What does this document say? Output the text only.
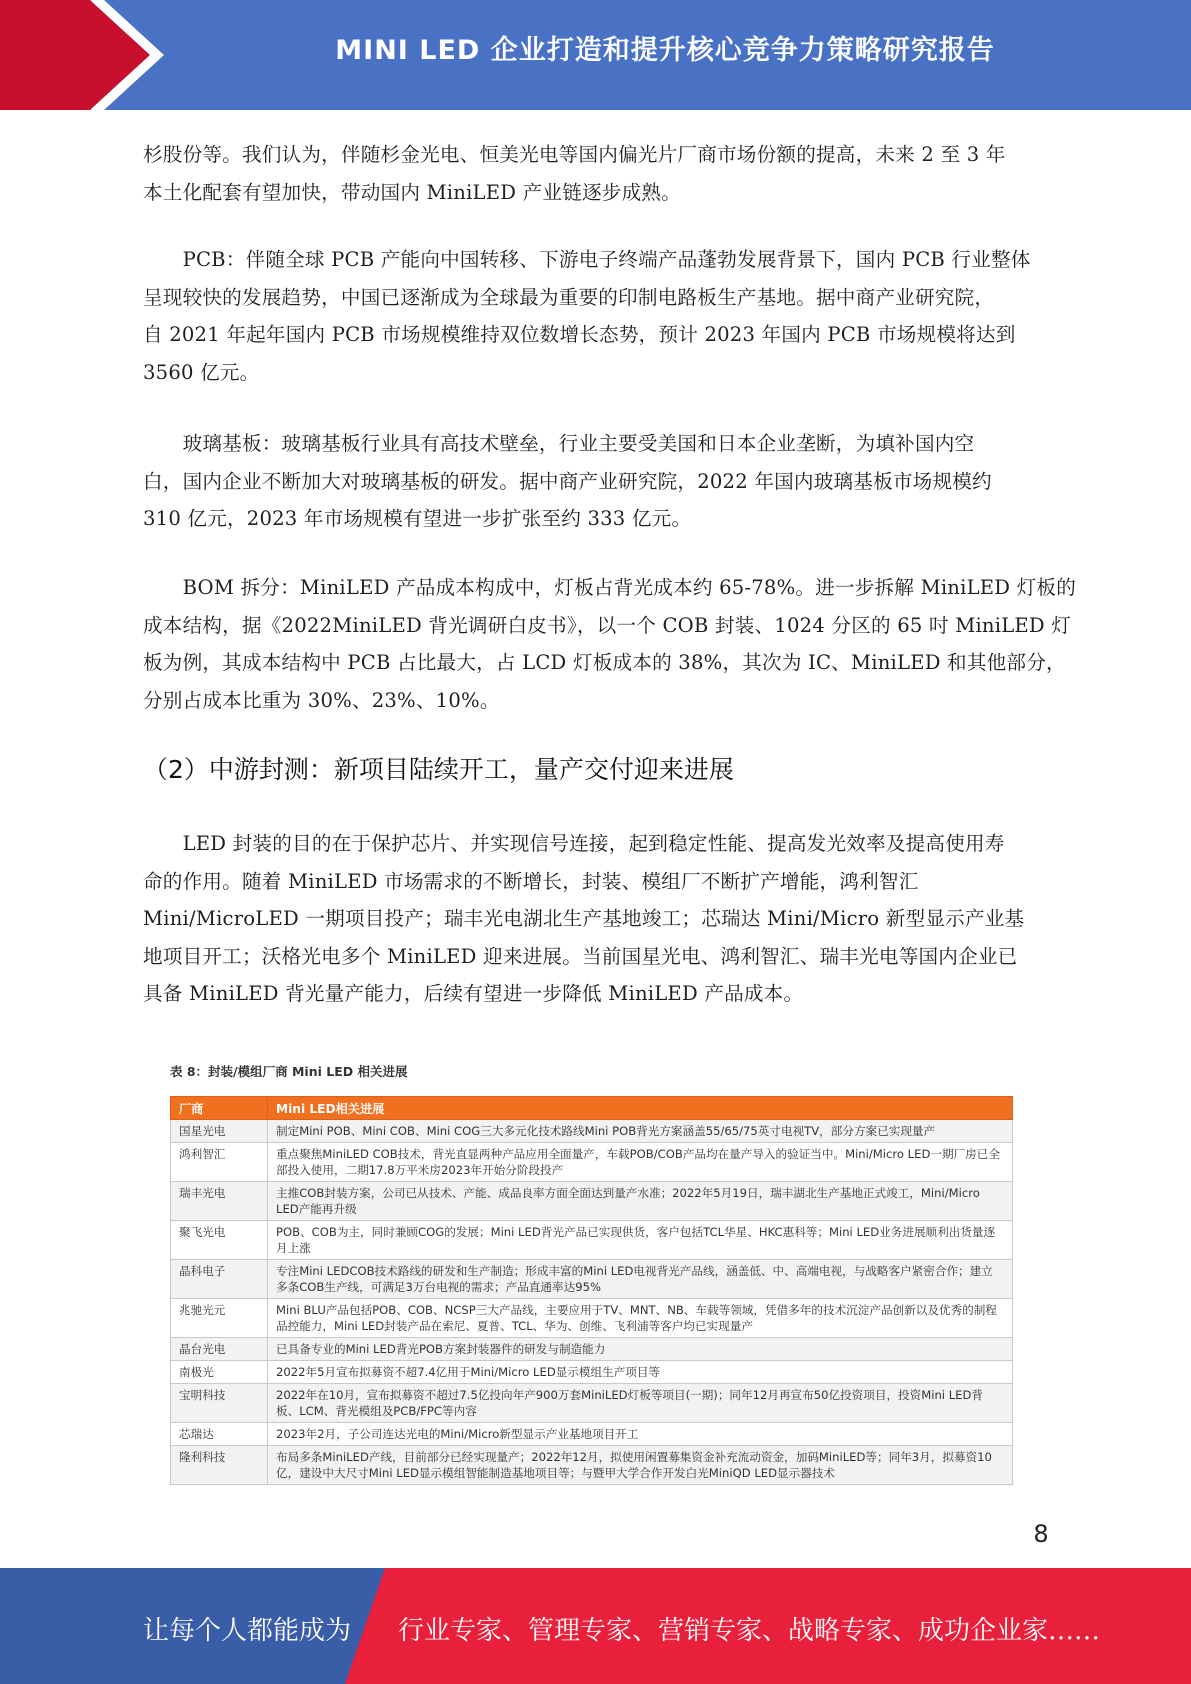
MINI LED 企业打造和提升核心竞争力策略研究报告
杉股份等。我们认为，伴随杉金光电、恒美光电等国内偏光片厂商市场份额的提高，未来 2 至 3 年
本土化配套有望加快，带动国内 MiniLED 产业链逐步成熟。
　　PCB：伴随全球 PCB 产能向中国转移、下游电子终端产品蓬勃发展背景下，国内 PCB 行业整体
呈现较快的发展趋势，中国已逐渐成为全球最为重要的印制电路板生产基地。据中商产业研究院，
自 2021 年起年国内 PCB 市场规模维持双位数增长态势，预计 2023 年国内 PCB 市场规模将达到
3560 亿元。
　　玻璃基板：玻璃基板行业具有高技术壁垒，行业主要受美国和日本企业垄断，为填补国内空
白，国内企业不断加大对玻璃基板的研发。据中商产业研究院，2022 年国内玻璃基板市场规模约
310 亿元，2023 年市场规模有望进一步扩张至约 333 亿元。
　　BOM 拆分：MiniLED 产品成本构成中，灯板占背光成本约 65-78%。进一步拆解 MiniLED 灯板的
成本结构，据《2022MiniLED 背光调研白皮书》，以一个 COB 封装、1024 分区的 65 吋 MiniLED 灯
板为例，其成本结构中 PCB 占比最大，占 LCD 灯板成本的 38%，其次为 IC、MiniLED 和其他部分，
分别占成本比重为 30%、23%、10%。
（2）中游封测：新项目陆续开工，量产交付迎来进展
　　LED 封装的目的在于保护芯片、并实现信号连接，起到稳定性能、提高发光效率及提高使用寿
命的作用。随着 MiniLED 市场需求的不断增长，封装、模组厂不断扩产增能，鸿利智汇
Mini/MicroLED 一期项目投产；瑞丰光电湖北生产基地竣工；芯瑞达 Mini/Micro 新型显示产业基
地项目开工；沃格光电多个 MiniLED 迎来进展。当前国星光电、鸿利智汇、瑞丰光电等国内企业已
具备 MiniLED 背光量产能力，后续有望进一步降低 MiniLED 产品成本。
表 8：封装/模组厂商 Mini LED 相关进展
厂商	Mini LED相关进展
国星光电	制定Mini POB、Mini COB、Mini COG三大多元化技术路线Mini POB背光方案涵盖55/65/75英寸电视TV，部分方案已实现量产
鸿利智汇	重点聚焦MiniLED COB技术，背光直显两种产品应用全面量产，车载POB/COB产品均在量产导入的验证当中。Mini/Micro LED一期厂房已全部投入使用，二期17.8万平米房2023年开始分阶段投产
瑞丰光电	主推COB封装方案，公司已从技术、产能、成品良率方面全面达到量产水准；2022年5月19日，瑞丰湖北生产基地正式竣工，Mini/Micro LED产能再升级
聚飞光电	POB、COB为主，同时兼顾COG的发展；Mini LED背光产品已实现供货，客户包括TCL华星、HKC惠科等；Mini LED业务进展顺利出货量逐月上涨
晶科电子	专注Mini LEDCOB技术路线的研发和生产制造；形成丰富的Mini LED电视背光产品线，涵盖低、中、高端电视，与战略客户紧密合作；建立多条COB生产线，可满足3万台电视的需求；产品直通率达95%
兆驰光元	Mini BLU产品包括POB、COB、NCSP三大产品线，主要应用于TV、MNT、NB、车载等领域，凭借多年的技术沉淀产品创新以及优秀的制程品控能力，Mini LED封装产品在索尼、夏普、TCL、华为、创维、飞利浦等客户均已实现量产
晶台光电	已具备专业的Mini LED背光POB方案封装器件的研发与制造能力
南极光	2022年5月宣布拟募资不超7.4亿用于Mini/Micro LED显示模组生产项目等
宝明科技	2022年在10月，宣布拟募资不超过7.5亿投向年产900万套MiniLED灯板等项目(一期)；同年12月再宣布50亿投资项目，投资Mini LED背板、LCM、背光模组及PCB/FPC等内容
芯瑞达	2023年2月，子公司连达光电的Mini/Micro新型显示产业基地项目开工
隆利科技	布局多条MiniLED产线，目前部分已经实现量产；2022年12月，拟使用闲置募集资金补充流动资金，加码MiniLED等；同年3月，拟募资10亿，建设中大尺寸Mini LED显示模组智能制造基地项目等；与暨甲大学合作开发白光MiniQD LED显示器技术
8
让每个人都能成为 行业专家、管理专家、营销专家、战略专家、成功企业家……
